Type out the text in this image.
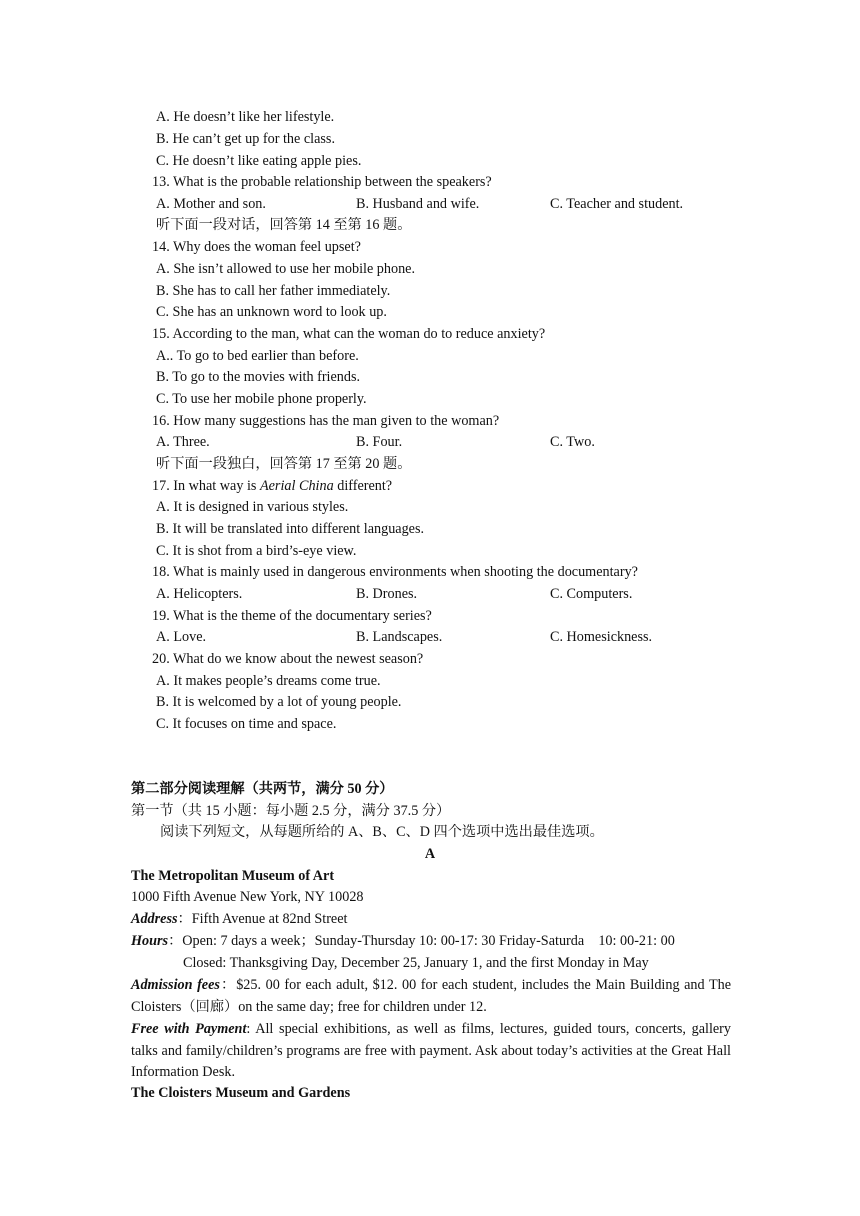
A. He doesn’t like her lifestyle.
B. He can’t get up for the class.
C. He doesn’t like eating apple pies.
13. What is the probable relationship between the speakers?
A. Mother and son.	B. Husband and wife.	C. Teacher and student.
听下面一段对话，回答第 14 至第 16 题。
14. Why does the woman feel upset?
A. She isn’t allowed to use her mobile phone.
B. She has to call her father immediately.
C. She has an unknown word to look up.
15. According to the man, what can the woman do to reduce anxiety?
A.. To go to bed earlier than before.
B. To go to the movies with friends.
C. To use her mobile phone properly.
16. How many suggestions has the man given to the woman?
A. Three.	B. Four.	C. Two.
听下面一段独白，回答第 17 至第 20 题。
17. In what way is Aerial China different?
A. It is designed in various styles.
B. It will be translated into different languages.
C. It is shot from a bird’s-eye view.
18. What is mainly used in dangerous environments when shooting the documentary?
A. Helicopters.	B. Drones.	C. Computers.
19. What is the theme of the documentary series?
A. Love.	B. Landscapes.	C. Homesickness.
20. What do we know about the newest season?
A. It makes people’s dreams come true.
B. It is welcomed by a lot of young people.
C. It focuses on time and space.
第二部分阅读理解（共两节，满分 50 分）
第一节（共 15 小题：每小题 2.5 分，满分 37.5 分）
阅读下列短文，从每题所给的 A、B、C、D 四个选项中选出最佳选项。
A
The Metropolitan Museum of Art
1000 Fifth Avenue New York, NY 10028
Address：Fifth Avenue at 82nd Street
Hours：Open: 7 days a week；Sunday-Thursday 10: 00-17: 30 Friday-Saturda    10: 00-21: 00
Closed: Thanksgiving Day, December 25, January 1, and the first Monday in May
Admission fees：$25. 00 for each adult, $12. 00 for each student, includes the Main Building and The Cloisters（回廊）on the same day; free for children under 12.
Free with Payment: All special exhibitions, as well as films, lectures, guided tours, concerts, gallery talks and family/children’s programs are free with payment. Ask about today’s activities at the Great Hall Information Desk.
The Cloisters Museum and Gardens
